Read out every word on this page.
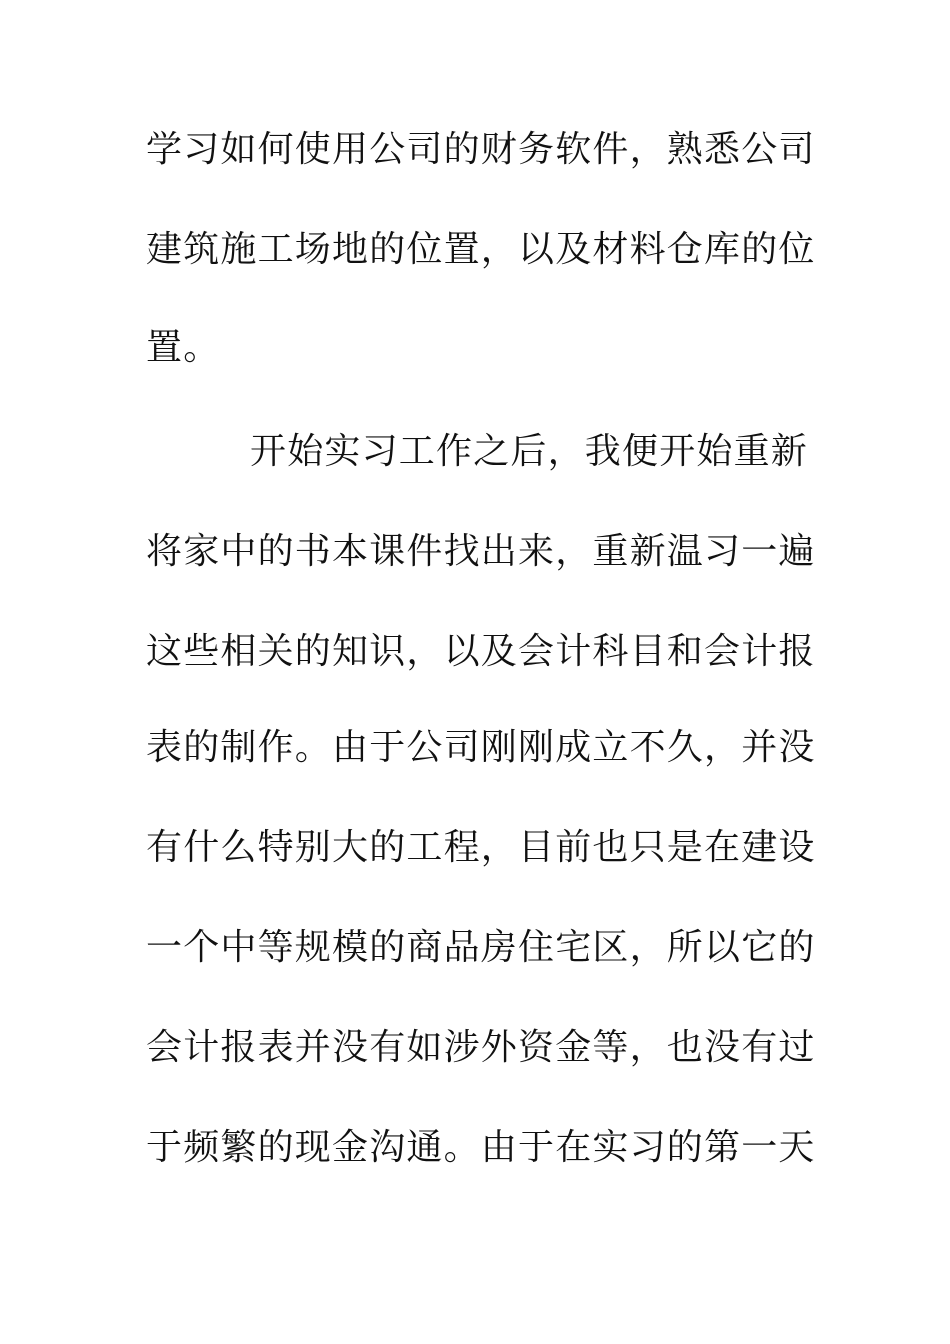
学习如何使用公司的财务软件，熟悉公司
建筑施工场地的位置，以及材料仓库的位
置。
开始实习工作之后，我便开始重新
将家中的书本课件找出来，重新温习一遍
这些相关的知识，以及会计科目和会计报
表的制作。由于公司刚刚成立不久，并没
有什么特别大的工程，目前也只是在建设
一个中等规模的商品房住宅区，所以它的
会计报表并没有如涉外资金等，也没有过
于频繁的现金沟通。由于在实习的第一天
